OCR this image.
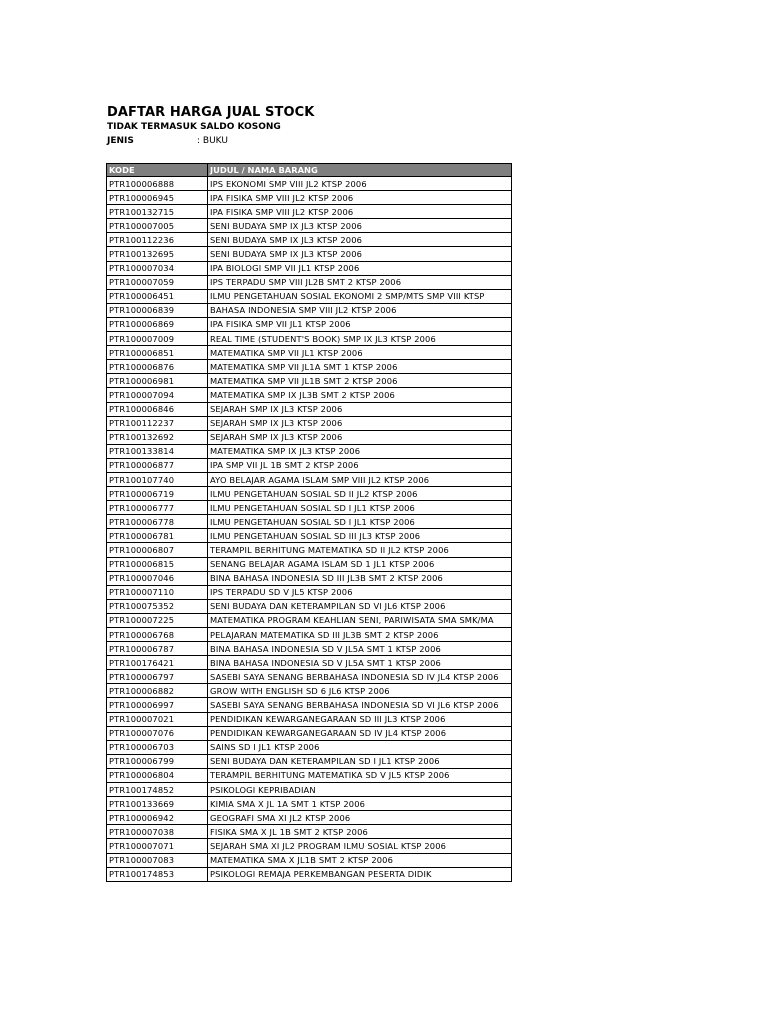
DAFTAR HARGA JUAL STOCK
TIDAK TERMASUK SALDO KOSONG
JENIS	: BUKU
KODE	JUDUL / NAMA BARANG
PTR100006888	IPS EKONOMI SMP VIII JL2 KTSP 2006
PTR100006945	IPA FISIKA SMP VIII JL2 KTSP 2006
PTR100132715	IPA FISIKA SMP VIII JL2 KTSP 2006
PTR100007005	SENI BUDAYA SMP IX JL3 KTSP 2006
PTR100112236	SENI BUDAYA SMP IX JL3 KTSP 2006
PTR100132695	SENI BUDAYA SMP IX JL3 KTSP 2006
PTR100007034	IPA BIOLOGI SMP VII JL1 KTSP 2006
PTR100007059	IPS TERPADU SMP VIII JL2B SMT 2 KTSP 2006
PTR100006451	ILMU PENGETAHUAN SOSIAL EKONOMI 2 SMP/MTS SMP VIII KTSP
PTR100006839	BAHASA INDONESIA SMP VIII JL2 KTSP 2006
PTR100006869	IPA FISIKA SMP VII JL1 KTSP 2006
PTR100007009	REAL TIME (STUDENT'S BOOK) SMP IX JL3 KTSP 2006
PTR100006851	MATEMATIKA SMP VII JL1 KTSP 2006
PTR100006876	MATEMATIKA SMP VII JL1A SMT 1 KTSP 2006
PTR100006981	MATEMATIKA SMP VII JL1B SMT 2 KTSP 2006
PTR100007094	MATEMATIKA SMP IX JL3B SMT 2 KTSP 2006
PTR100006846	SEJARAH SMP IX JL3 KTSP 2006
PTR100112237	SEJARAH SMP IX JL3 KTSP 2006
PTR100132692	SEJARAH SMP IX JL3 KTSP 2006
PTR100133814	MATEMATIKA SMP IX JL3 KTSP 2006
PTR100006877	IPA SMP VII JL 1B SMT 2 KTSP 2006
PTR100107740	AYO BELAJAR AGAMA ISLAM SMP VIII JL2 KTSP 2006
PTR100006719	ILMU PENGETAHUAN SOSIAL SD II JL2 KTSP 2006
PTR100006777	ILMU PENGETAHUAN SOSIAL SD I JL1 KTSP 2006
PTR100006778	ILMU PENGETAHUAN SOSIAL SD I JL1 KTSP 2006
PTR100006781	ILMU PENGETAHUAN SOSIAL SD III JL3 KTSP 2006
PTR100006807	TERAMPIL BERHITUNG MATEMATIKA SD II JL2 KTSP 2006
PTR100006815	SENANG BELAJAR AGAMA ISLAM SD 1 JL1 KTSP 2006
PTR100007046	BINA BAHASA INDONESIA SD III JL3B SMT 2 KTSP 2006
PTR100007110	IPS TERPADU SD V JL5 KTSP 2006
PTR100075352	SENI BUDAYA DAN KETERAMPILAN SD VI JL6 KTSP 2006
PTR100007225	MATEMATIKA PROGRAM KEAHLIAN SENI, PARIWISATA SMA SMK/MA
PTR100006768	PELAJARAN MATEMATIKA SD III JL3B SMT 2 KTSP 2006
PTR100006787	BINA BAHASA INDONESIA SD V JL5A SMT 1 KTSP 2006
PTR100176421	BINA BAHASA INDONESIA SD V JL5A SMT 1 KTSP 2006
PTR100006797	SASEBI SAYA SENANG BERBAHASA INDONESIA SD IV JL4 KTSP 2006
PTR100006882	GROW WITH ENGLISH SD 6 JL6 KTSP 2006
PTR100006997	SASEBI SAYA SENANG BERBAHASA INDONESIA SD VI JL6 KTSP 2006
PTR100007021	PENDIDIKAN KEWARGANEGARAAN SD III JL3 KTSP 2006
PTR100007076	PENDIDIKAN KEWARGANEGARAAN SD IV JL4 KTSP 2006
PTR100006703	SAINS SD I JL1 KTSP 2006
PTR100006799	SENI BUDAYA DAN KETERAMPILAN SD I JL1 KTSP 2006
PTR100006804	TERAMPIL BERHITUNG MATEMATIKA SD V JL5 KTSP 2006
PTR100174852	PSIKOLOGI KEPRIBADIAN
PTR100133669	KIMIA SMA X JL 1A SMT 1 KTSP 2006
PTR100006942	GEOGRAFI SMA XI JL2 KTSP 2006
PTR100007038	FISIKA SMA X JL 1B SMT 2 KTSP 2006
PTR100007071	SEJARAH SMA XI JL2 PROGRAM ILMU SOSIAL KTSP 2006
PTR100007083	MATEMATIKA SMA X JL1B SMT 2 KTSP 2006
PTR100174853	PSIKOLOGI REMAJA PERKEMBANGAN PESERTA DIDIK
